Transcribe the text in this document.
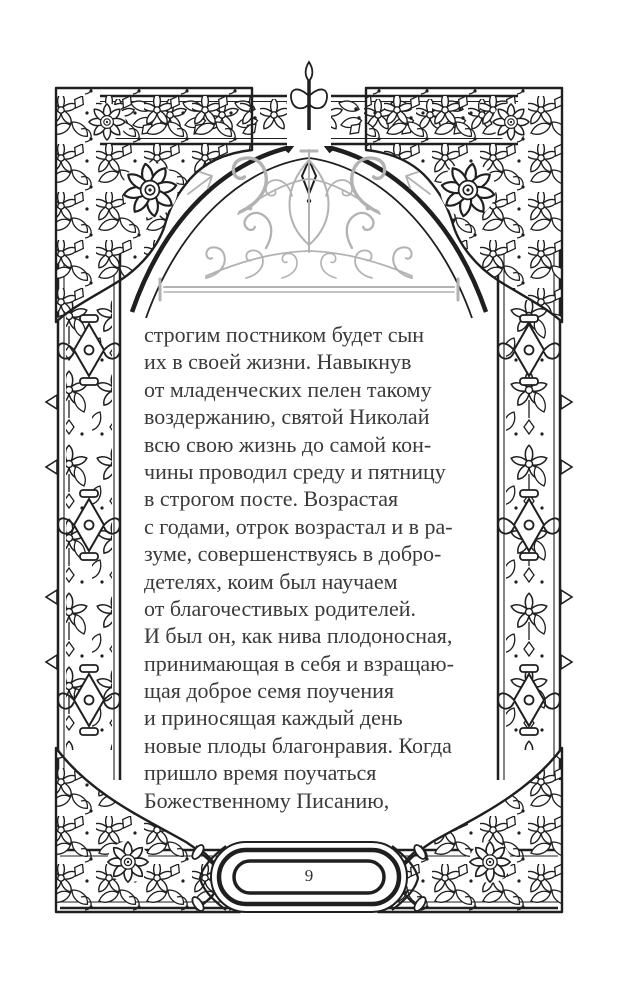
строгим постником будет сын
их в своей жизни. Навыкнув
от младенческих пелен такому
воздержанию, святой Николай
всю свою жизнь до самой кон-
чины проводил среду и пятницу
в строгом посте. Возрастая
с годами, отрок возрастал и в ра-
зуме, совершенствуясь в добро-
детелях, коим был научаем
от благочестивых родителей.
И был он, как нива плодоносная,
принимающая в себя и взращаю-
щая доброе семя поучения
и приносящая каждый день
новые плоды благонравия. Когда
пришло время поучаться
Божественному Писанию,
9
